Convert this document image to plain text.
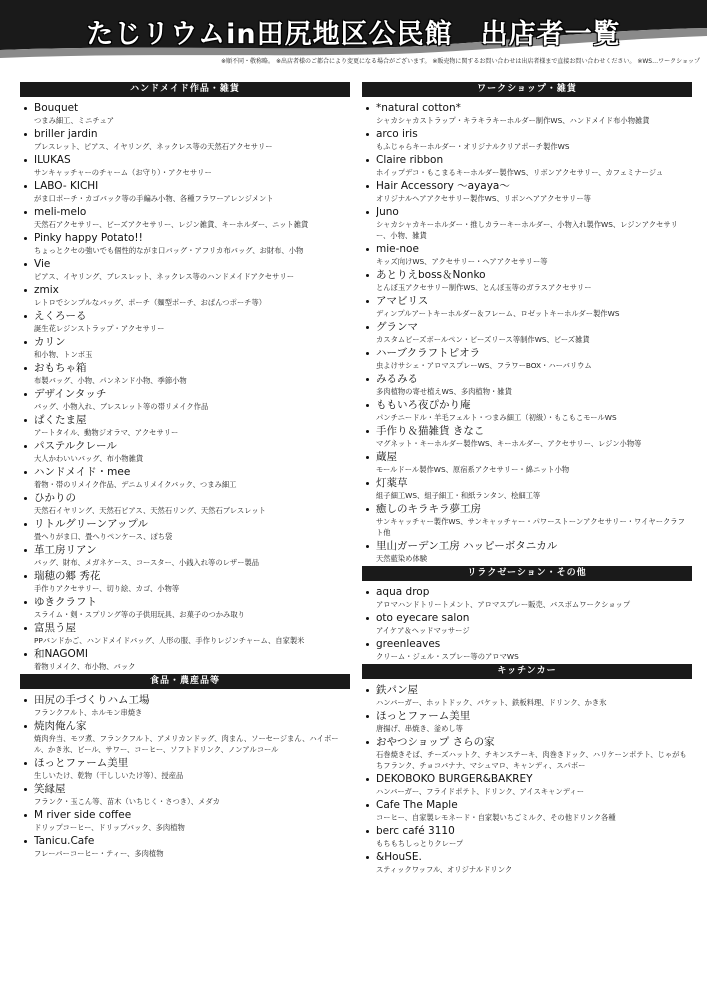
たじリウムin田尻地区公民館　出店者一覧
※順不同・敬称略。 ※出店者様のご都合により変更になる場合がございます。 ※販売物に関するお問い合わせは出店者様まで直接お問い合わせください。 ※WS…ワークショップ
ハンドメイド作品・雑貨
Bouquet
つまみ細工、ミニチュア
briller jardin
ブレスレット、ピアス、イヤリング、ネックレス等の天然石アクセサリー
ILUKAS
サンキャッチャーのチャーム（お守り）・アクセサリー
LABO- KICHI
がま口ポーチ・カゴバック等の手編み小物、各種フラワーアレンジメント
meli-melo
天然石アクセサリー、ビーズアクセサリー、レジン雑貨、キーホルダー、ニット雑貨
Pinky happy Potato!!
ちょっとクセの強いでも個性的ながま口バッグ・アフリカ布バッグ、お財布、小物
Vie
ピアス、イヤリング、ブレスレット、ネックレス等のハンドメイドアクセサリー
zmix
レトロでシンプルなバッグ、ポーチ（麺型ポーチ、おぱんつポーチ等）
えくろーる
誕生花レジンストラップ・アクセサリー
カリン
和小物、トンボ玉
おもちゃ箱
布製バッグ、小物、パンネンド小物、季節小物
デザインタッチ
バッグ、小物入れ、ブレスレット等の帯リメイク作品
ぱくたま屋
アートタイル、動物ジオラマ、アクセサリー
パステルクレール
大人かわいいバッグ、布小物雑貨
ハンドメイド・mee
着物・帯のリメイク作品、デニムリメイクバック、つまみ細工
ひかりの
天然石イヤリング、天然石ピアス、天然石リング、天然石ブレスレット
リトルグリーンアップル
畳へりがま口、畳へりペンケース、ぽち袋
革工房リアン
バッグ、財布、メガネケース、コースター、小銭入れ等のレザー製品
瑞穂の郷 秀花
手作りアクセサリー、切り絵、カゴ、小物等
ゆきクラフト
スライム・剣・スプリング等の子供用玩具、お菓子のつかみ取り
富黒う屋
PPバンドかご、ハンドメイドバッグ、人形の服、手作りレジンチャーム、自家製米
和NAGOMI
着物リメイク、布小物、バック
食品・農産品等
田尻の手づくりハム工場
フランクフルト、ホルモン串焼き
焼肉俺ん家
焼肉弁当、モツ煮、フランクフルト、アメリカンドッグ、肉まん、ソーセージまん、ハイボール、かき氷、ビール、サワー、コーヒー、ソフトドリンク、ノンアルコール
ほっとファーム美里
生しいたけ、乾物（干ししいたけ等）、授産品
笑縁屋
フランク・玉こん等、苗木（いちじく・さつき）、メダカ
M river side coffee
ドリップコーヒー、ドリップバック、多肉植物
Tanicu.Cafe
フレーバーコーヒー・ティー、多肉植物
ワークショップ・雑貨
*natural cotton*
シャカシャカストラップ・キラキラキーホルダー制作WS、ハンドメイド布小物雑貨
arco iris
もふじゃらキーホルダー・オリジナルクリアポーチ製作WS
Claire ribbon
ホイップデコ・もこまるキーホルダー製作WS、リボンアクセサリー、カフェミナージュ
Hair Accessory 〜ayaya〜
オリジナルヘアアクセサリー製作WS、リボンヘアアクセサリー等
Juno
シャカシャカキーホルダー・推しカラーキーホルダー、小物入れ製作WS、レジンアクセサリー、小物、雑貨
mie-noe
キッズ向けWS、アクセサリー・ヘアアクセサリー等
あとりえboss＆Nonko
とんぼ玉アクセサリー制作WS、とんぼ玉等のガラスアクセサリー
アマビリス
ディンプルアートキーホルダー＆フレーム、ロゼットキーホルダー製作WS
グランマ
カスタムビーズボールペン・ビーズリース等制作WS、ビーズ雑貨
ハーブクラフトピオラ
虫よけサシェ・アロマスプレーWS、フラワーBOX・ハーバリウム
みるみる
多肉植物の寄せ植えWS、多肉植物・雑貨
ももいろ夜ぴかり庵
パンチニードル・羊毛フェルト・つまみ細工（初級）・もこもこモールWS
手作り＆猫雑貨 きなこ
マグネット・キーホルダー製作WS、キーホルダー、アクセサリー、レジン小物等
蔵屋
モールドール製作WS、原宿系アクセサリー・綿ニット小物
灯薬草
組子細工WS、組子細工・和紙ランタン、桧細工等
癒しのキラキラ夢工房
サンキャッチャー製作WS、サンキャッチャー・パワーストーンアクセサリー・ワイヤークラフト他
里山ガーデン工房 ハッピーボタニカル
天然藍染め体験
リラクゼーション・その他
aqua drop
アロマハンドトリートメント、アロマスプレー販売、バスボムワークショップ
oto eyecare salon
アイケア＆ヘッドマッサージ
greenleaves
クリーム・ジェル・スプレー等のアロマWS
キッチンカー
鉄パン屋
ハンバーガー、ホットドック、バケット、鉄板料理、ドリンク、かき氷
ほっとファーム美里
唐揚げ、串焼き、釜めし等
おやつショップ さらの家
石巻焼きそば、チーズハットク、チキンステーキ、肉巻きドック、ハリケーンポテト、じゃがもちフランク、チョコバナナ、マシュマロ、キャンディ、スパボー
DEKOBOKO BURGER&BAKREY
ハンバーガー、フライドポテト、ドリンク、アイスキャンディー
Cafe The Maple
コーヒー、自家製レモネード・自家製いちごミルク、その他ドリンク各種
berc café 3110
もちもちしっとりクレープ
&HouSE.
スティックワッフル、オリジナルドリンク
